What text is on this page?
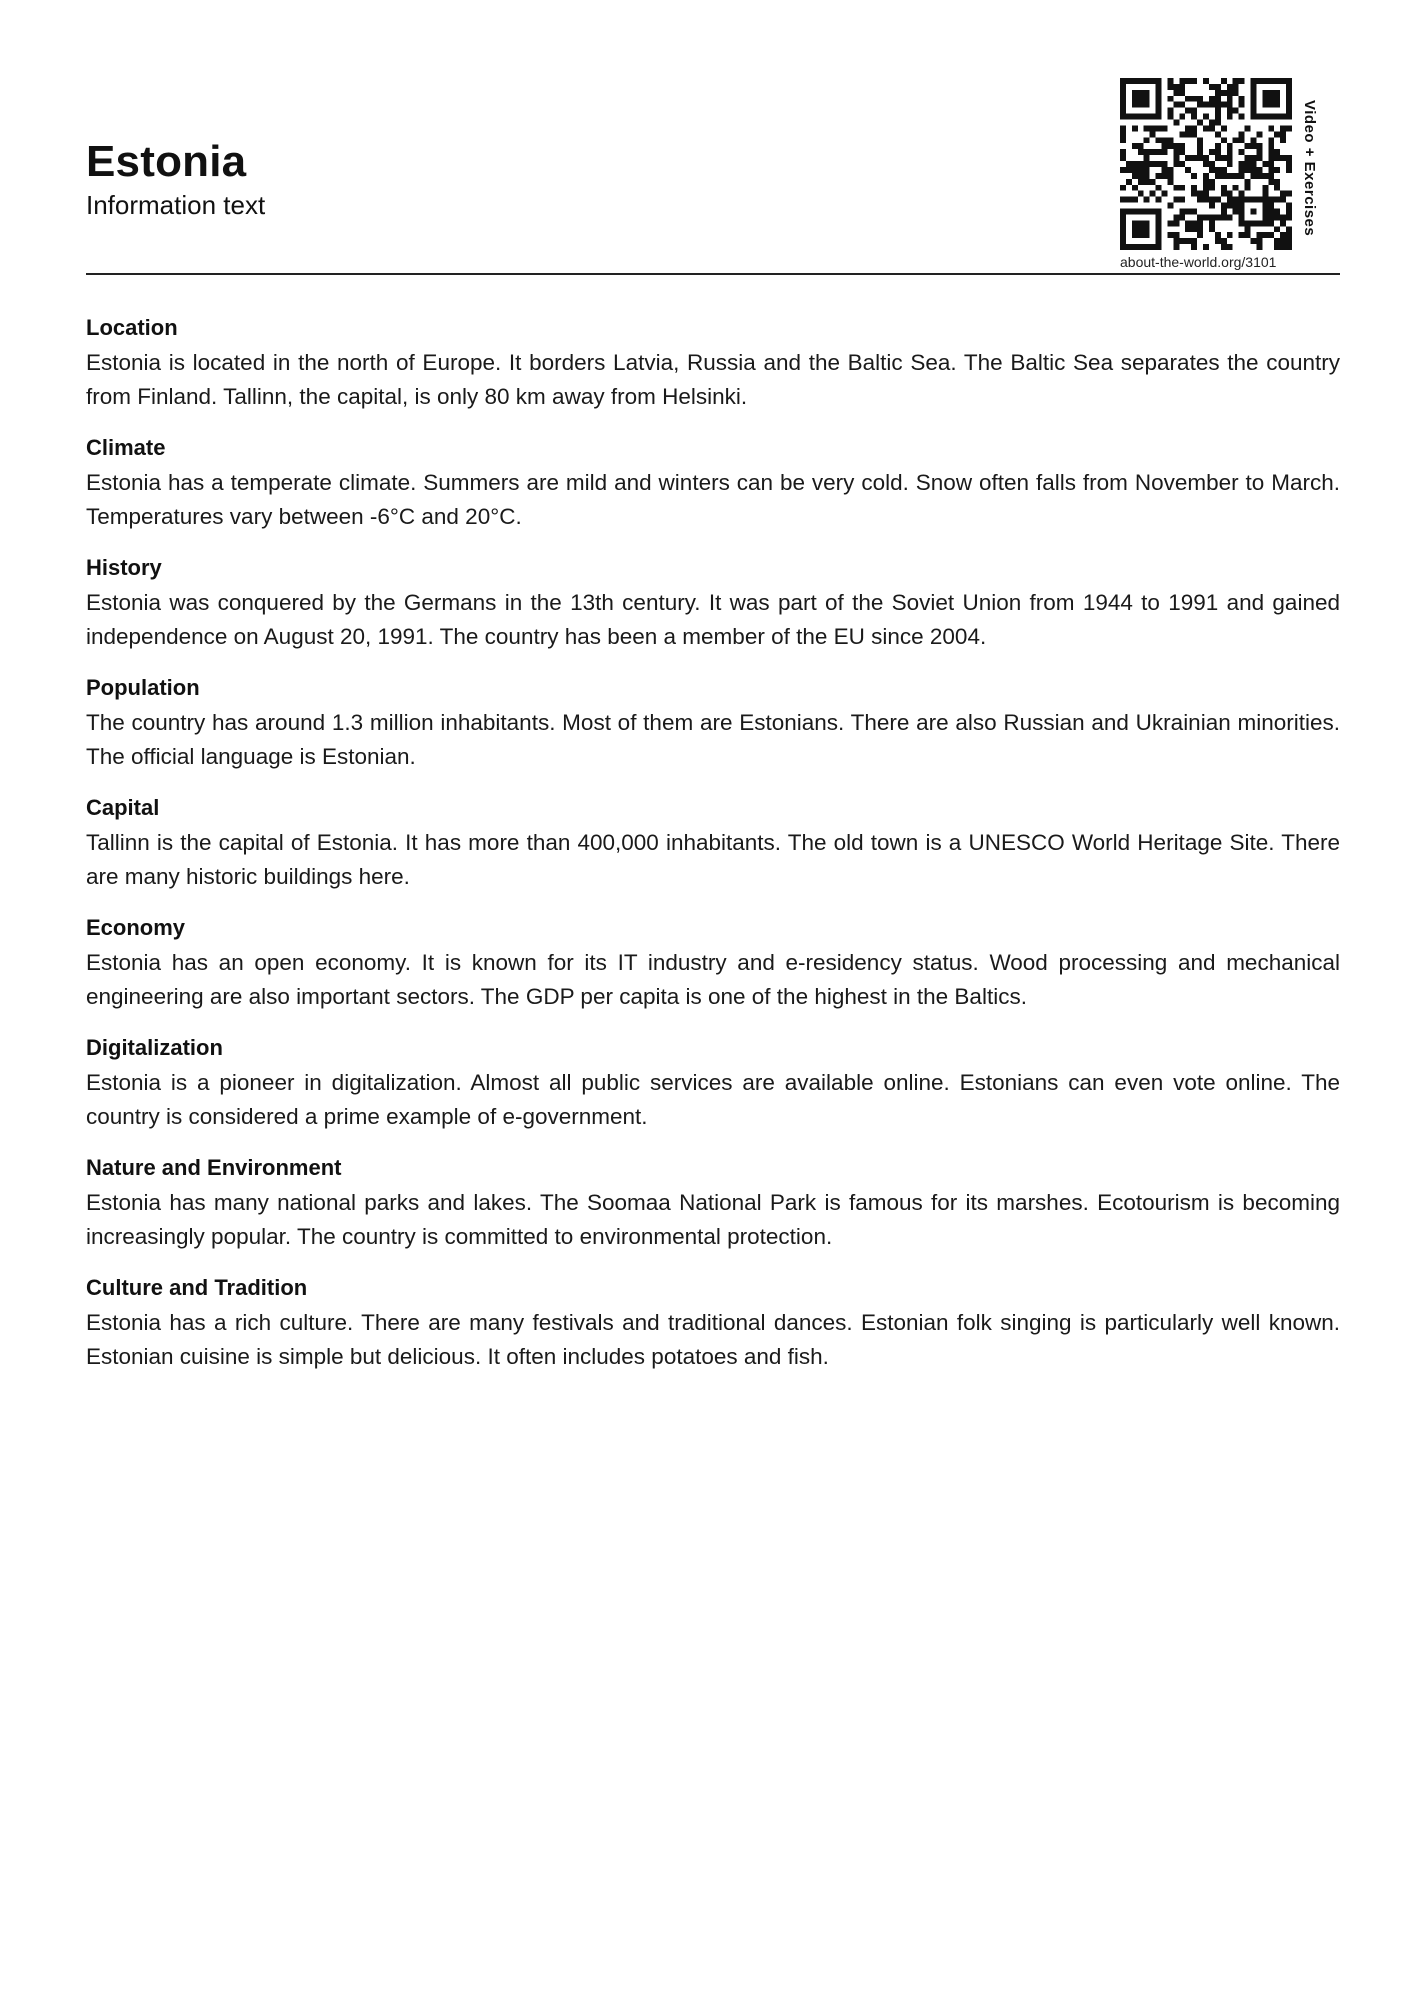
Estonia
Information text	Video + Exercises
about-the-world.org/3101
Location

Estonia is located in the north of Europe. It borders Latvia, Russia and the Baltic Sea. The Baltic Sea separates the country from Finland. Tallinn, the capital, is only 80 km away from Helsinki.

Climate

Estonia has a temperate climate. Summers are mild and winters can be very cold. Snow often falls from November to March. Temperatures vary between -6°C and 20°C.

History

Estonia was conquered by the Germans in the 13th century. It was part of the Soviet Union from 1944 to 1991 and gained independence on August 20, 1991. The country has been a member of the EU since 2004.

Population

The country has around 1.3 million inhabitants. Most of them are Estonians. There are also Russian and Ukrainian minorities. The official language is Estonian.

Capital

Tallinn is the capital of Estonia. It has more than 400,000 inhabitants. The old town is a UNESCO World Heritage Site. There are many historic buildings here.

Economy

Estonia has an open economy. It is known for its IT industry and e-residency status. Wood processing and mechanical engineering are also important sectors. The GDP per capita is one of the highest in the Baltics.

Digitalization

Estonia is a pioneer in digitalization. Almost all public services are available online. Estonians can even vote online. The country is considered a prime example of e-government.

Nature and Environment

Estonia has many national parks and lakes. The Soomaa National Park is famous for its marshes. Ecotourism is becoming increasingly popular. The country is committed to environmental protection.

Culture and Tradition

Estonia has a rich culture. There are many festivals and traditional dances. Estonian folk singing is particularly well known. Estonian cuisine is simple but delicious. It often includes potatoes and fish.
